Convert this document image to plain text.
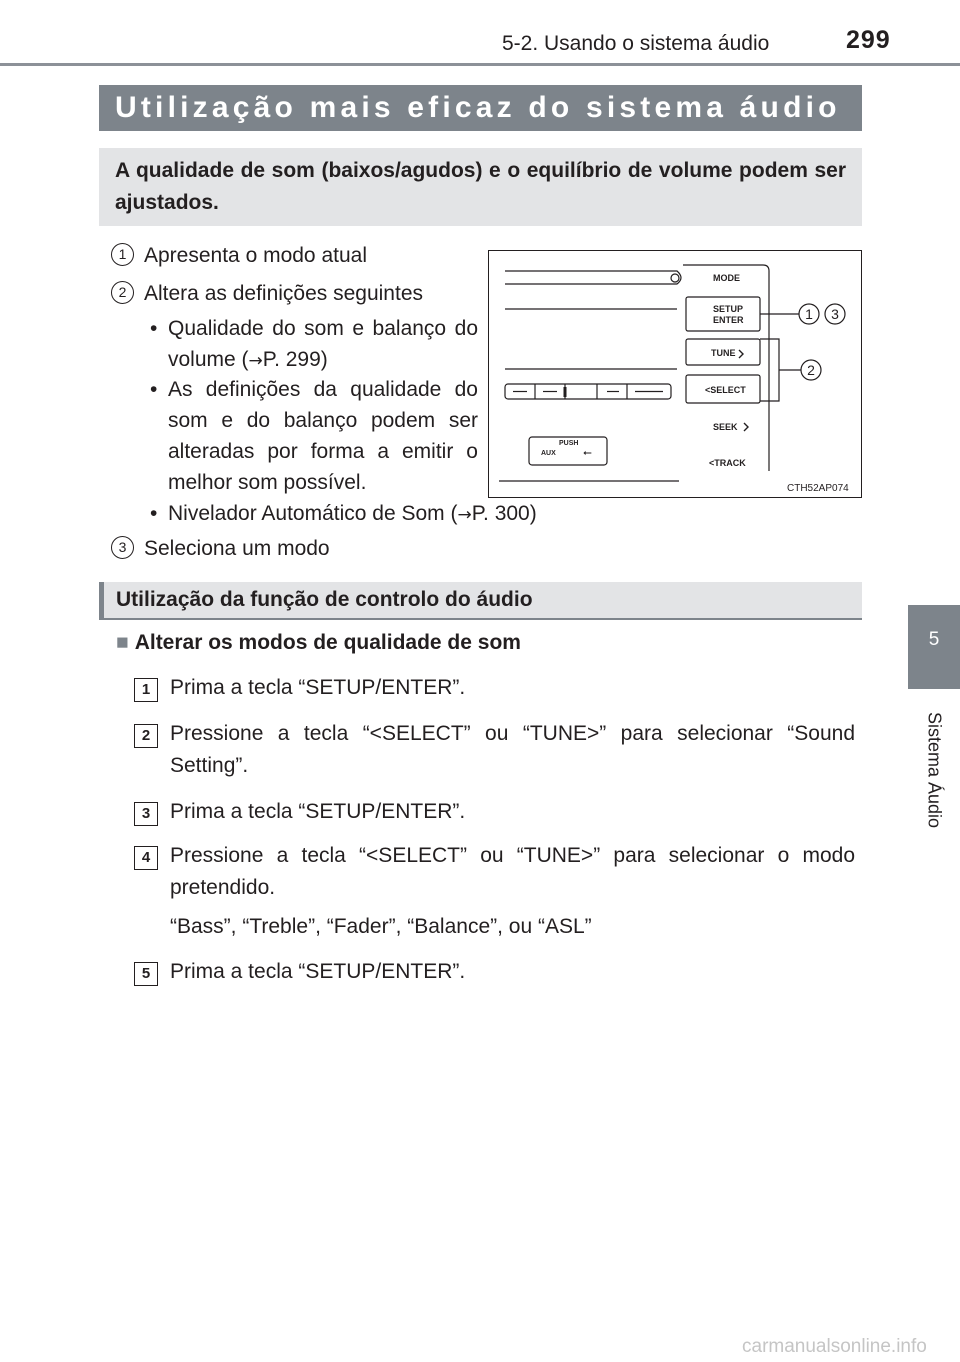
5-2. Usando o sistema áudio	299
5
Sistema Áudio
Utilização mais eficaz do sistema áudio
A qualidade de som (baixos/agudos) e o equilíbrio de volume podem ser ajustados.
1 Apresenta o modo atual
2 Altera as definições seguintes
• Qualidade do som e balanço do volume (→P. 299)
• As definições da qualidade do som e do balanço podem ser alteradas por forma a emitir o melhor som possível.
• Nivelador Automático de Som (→P. 300)
3 Seleciona um modo
MODE
SETUP
ENTER
TUNE
<SELECT
SEEK
<TRACK
PUSH
AUX ⭠
1 3
2
CTH52AP074
Utilização da função de controlo do áudio
■ Alterar os modos de qualidade de som
1 Prima a tecla “SETUP/ENTER”.
2 Pressione a tecla “<SELECT” ou “TUNE>” para selecionar “Sound Setting”.
3 Prima a tecla “SETUP/ENTER”.
4 Pressione a tecla “<SELECT” ou “TUNE>” para selecionar o modo pretendido.
“Bass”, “Treble”, “Fader”, “Balance”, ou “ASL”
5 Prima a tecla “SETUP/ENTER”.
carmanualsonline.info
